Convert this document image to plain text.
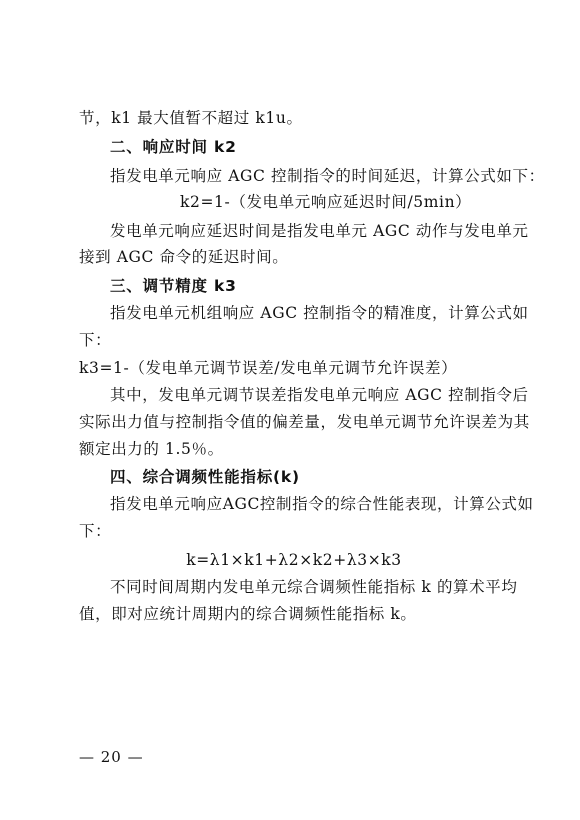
节，k1 最大值暂不超过 k1u。
二、响应时间 k2
指发电单元响应 AGC 控制指令的时间延迟，计算公式如下：
k2=1-（发电单元响应延迟时间/5min）
发电单元响应延迟时间是指发电单元 AGC 动作与发电单元
接到 AGC 命令的延迟时间。
三、调节精度 k3
指发电单元机组响应 AGC 控制指令的精准度，计算公式如
下：
k3=1-（发电单元调节误差/发电单元调节允许误差）
其中，发电单元调节误差指发电单元响应 AGC 控制指令后
实际出力值与控制指令值的偏差量，发电单元调节允许误差为其
额定出力的 1.5％。
四、综合调频性能指标(k)
指发电单元响应AGC控制指令的综合性能表现，计算公式如
下：
k=λ1×k1+λ2×k2+λ3×k3
不同时间周期内发电单元综合调频性能指标 k 的算术平均
值，即对应统计周期内的综合调频性能指标 k。
— 20 —
